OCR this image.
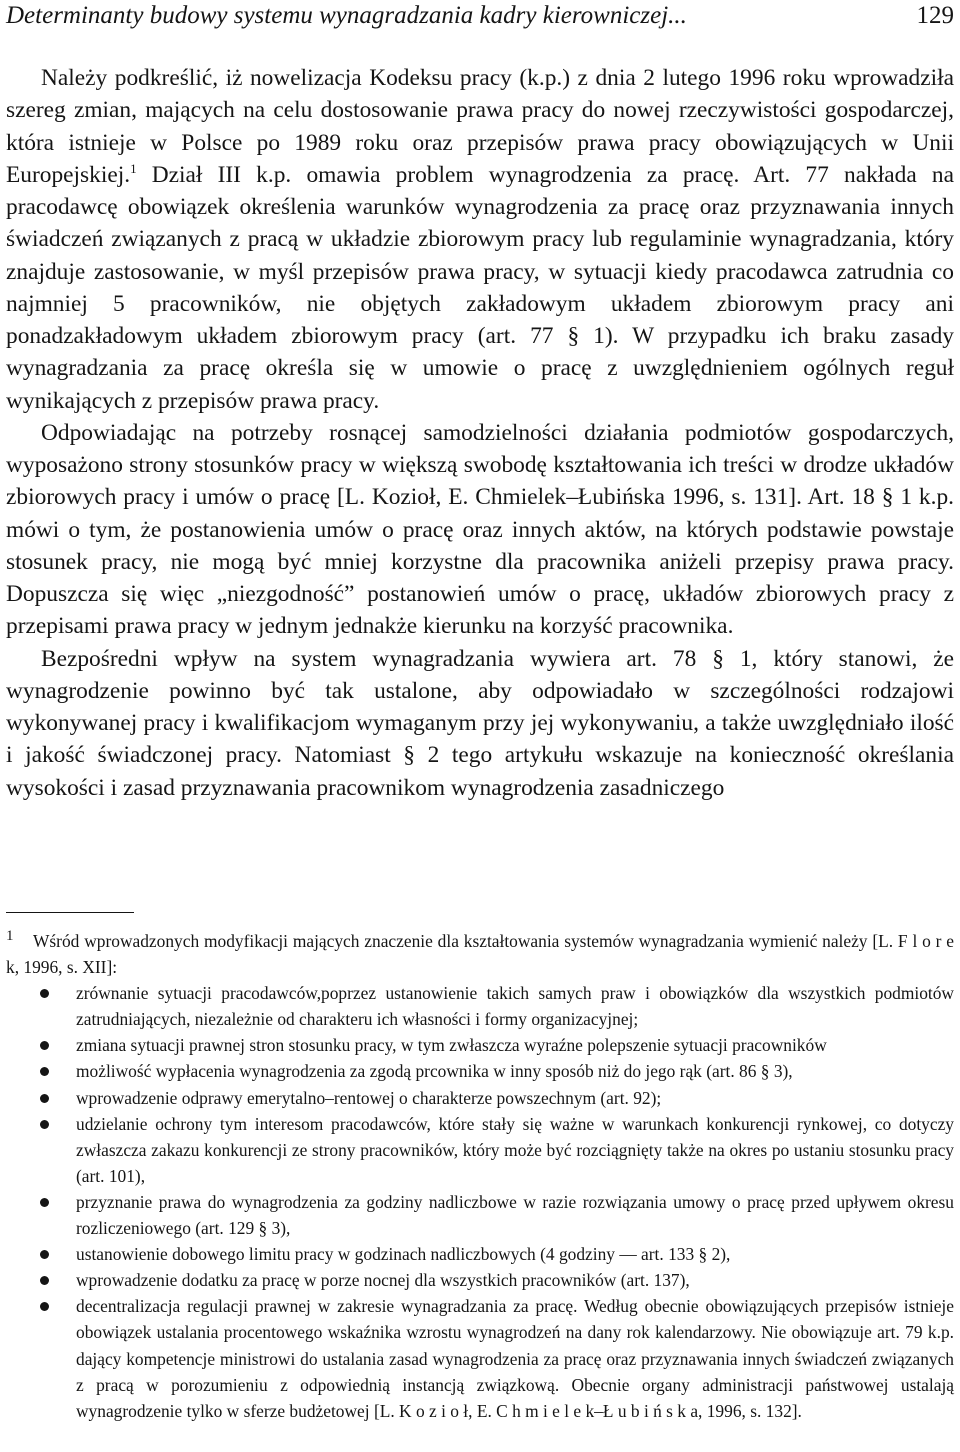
Determinanty budowy systemu wynagradzania kadry kierowniczej...	129

Należy podkreślić, iż nowelizacja Kodeksu pracy (k.p.) z dnia 2 lutego 1996 roku wprowadziła szereg zmian, mających na celu dostosowanie prawa pracy do nowej rzeczywistości gospodarczej, która istnieje w Polsce po 1989 roku oraz przepisów prawa pracy obowiązujących w Unii Europejskiej.$^1$ Dział III k.p. omawia problem wynagrodzenia za pracę. Art. 77 nakłada na pracodawcę obowiązek określenia warunków wynagrodzenia za pracę oraz przyznawania innych świadczeń związanych z pracą w układzie zbiorowym pracy lub regulaminie wynagradzania, który znajduje zastosowanie, w myśl przepisów prawa pracy, w sytuacji kiedy pracodawca zatrudnia co najmniej 5 pracowników, nie objętych zakładowym układem zbiorowym pracy ani ponadzakładowym układem zbiorowym pracy (art. 77 § 1). W przypadku ich braku zasady wynagradzania za pracę określa się w umowie o pracę z uwzględnieniem ogólnych reguł wynikających z przepisów prawa pracy.

Odpowiadając na potrzeby rosnącej samodzielności działania podmiotów gospodarczych, wyposażono strony stosunków pracy w większą swobodę kształtowania ich treści w drodze układów zbiorowych pracy i umów o pracę [L. Kozioł, E. Chmielek–Łubińska 1996, s. 131]. Art. 18 § 1 k.p. mówi o tym, że postanowienia umów o pracę oraz innych aktów, na których podstawie powstaje stosunek pracy, nie mogą być mniej korzystne dla pracownika aniżeli przepisy prawa pracy. Dopuszcza się więc „niezgodność” postanowień umów o pracę, układów zbiorowych pracy z przepisami prawa pracy w jednym jednakże kierunku na korzyść pracownika.

Bezpośredni wpływ na system wynagradzania wywiera art. 78 § 1, który stanowi, że wynagrodzenie powinno być tak ustalone, aby odpowiadało w szczególności rodzajowi wykonywanej pracy i kwalifikacjom wymaganym przy jej wykonywaniu, a także uwzględniało ilość i jakość świadczonej pracy. Natomiast § 2 tego artykułu wskazuje na konieczność określania wysokości i zasad przyznawania pracownikom wynagrodzenia zasadniczego

1 Wśród wprowadzonych modyfikacji mających znaczenie dla kształtowania systemów wynagradzania wymienić należy [L. F l o r e k, 1996, s. XII]:

zrównanie sytuacji pracodawców,poprzez ustanowienie takich samych praw i obowiązków dla wszystkich podmiotów zatrudniających, niezależnie od charakteru ich własności i formy organizacyjnej;
zmiana sytuacji prawnej stron stosunku pracy, w tym zwłaszcza wyraźne polepszenie sytuacji pracowników
możliwość wypłacenia wynagrodzenia za zgodą prcownika w inny sposób niż do jego rąk (art. 86 § 3),
wprowadzenie odprawy emerytalno–rentowej o charakterze powszechnym (art. 92);
udzielanie ochrony tym interesom pracodawców, które stały się ważne w warunkach konkurencji rynkowej, co dotyczy zwłaszcza zakazu konkurencji ze strony pracowników, który może być rozciągnięty także na okres po ustaniu stosunku pracy (art. 101),
przyznanie prawa do wynagrodzenia za godziny nadliczbowe w razie rozwiązania umowy o pracę przed upływem okresu rozliczeniowego (art. 129 § 3),
ustanowienie dobowego limitu pracy w godzinach nadliczbowych (4 godziny — art. 133 § 2),
wprowadzenie dodatku za pracę w porze nocnej dla wszystkich pracowników (art. 137),
decentralizacja regulacji prawnej w zakresie wynagradzania za pracę. Według obecnie obowiązujących przepisów istnieje obowiązek ustalania procentowego wskaźnika wzrostu wynagrodzeń na dany rok kalendarzowy. Nie obowiązuje art. 79 k.p. dający kompetencje ministrowi do ustalania zasad wynagrodzenia za pracę oraz przyznawania innych świadczeń związanych z pracą w porozumieniu z odpowiednią instancją związkową. Obecnie organy administracji państwowej ustalają wynagrodzenie tylko w sferze budżetowej [L. K o z i o ł, E. C h m i e l e k–Ł u b i ń s k a, 1996, s. 132].
